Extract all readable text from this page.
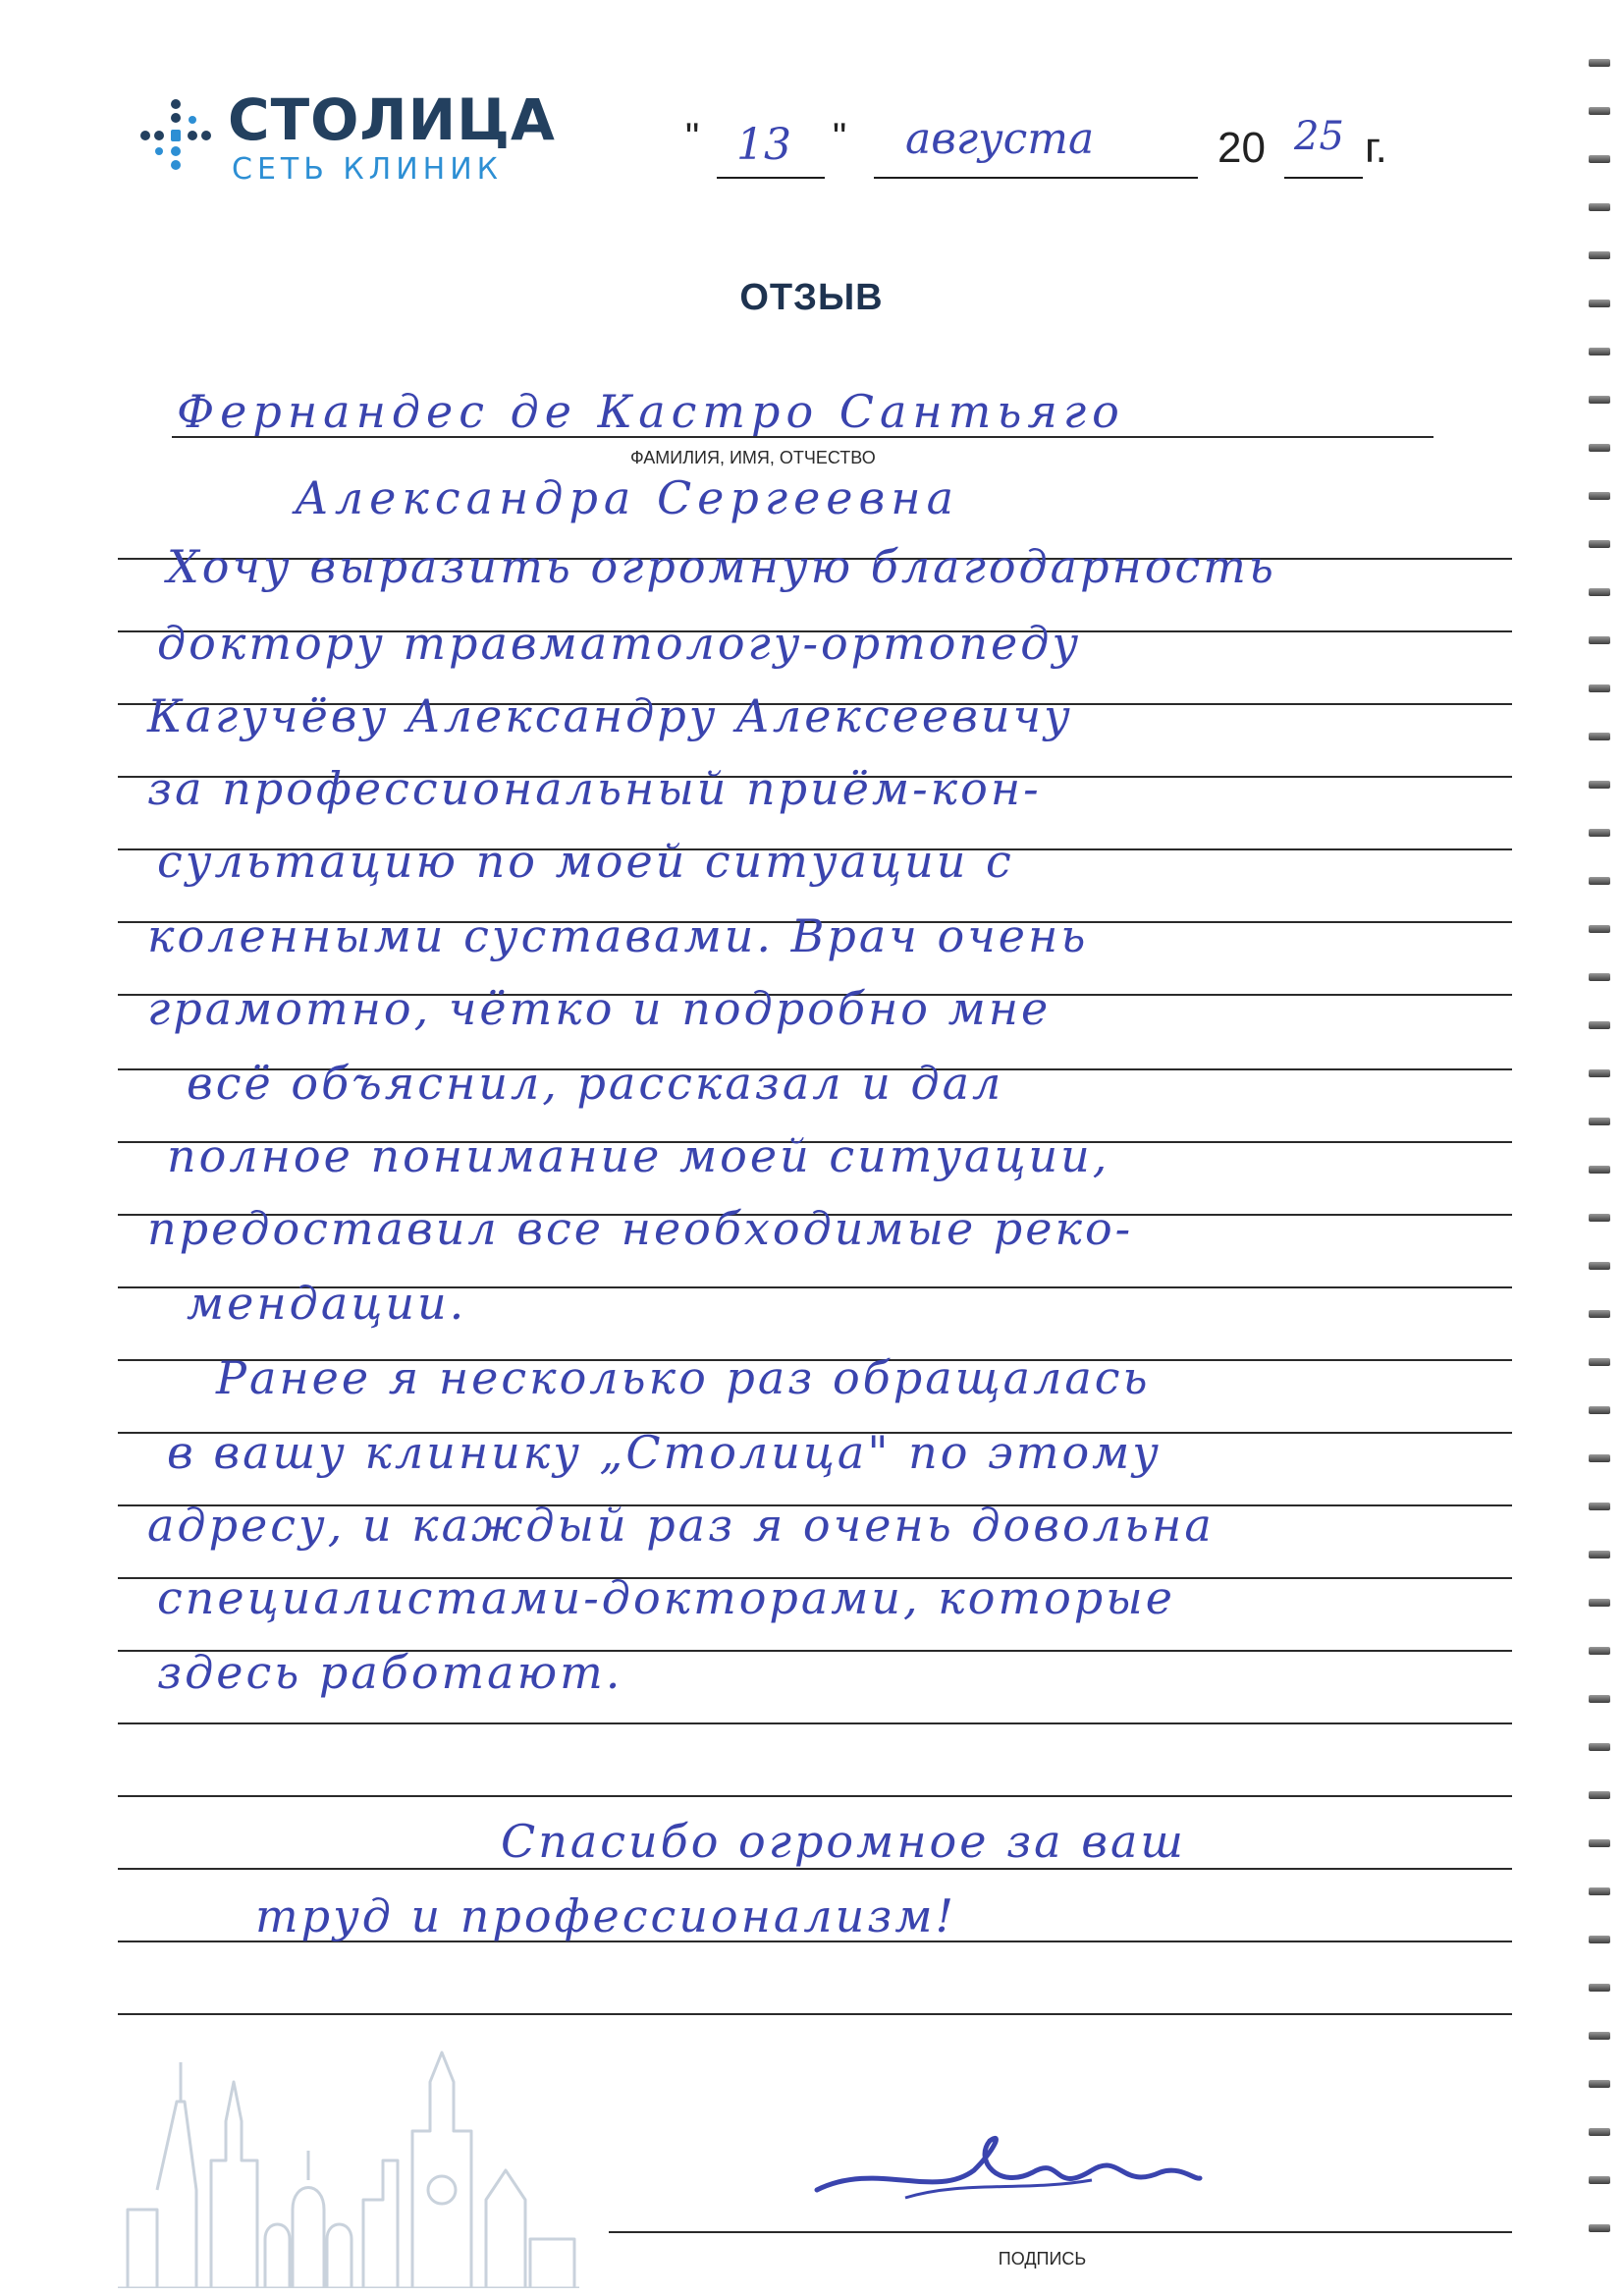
СТОЛИЦА
СЕТЬ КЛИНИК
" 13 " августа	20 25 г.
ОТЗЫВ
Фернандес де Кастро Сантьяго
ФАМИЛИЯ, ИМЯ, ОТЧЕСТВО
Александра Сергеевна
Хочу выразить огромную благодарность
доктору травматологу-ортопеду
Кагучёву Александру Алексеевичу
за профессиональный приём-кон-
сультацию по моей ситуации с
коленными суставами. Врач очень
грамотно, чётко и подробно мне
всё объяснил, рассказал и дал
полное понимание моей ситуации,
предоставил все необходимые реко-
мендации.
Ранее я несколько раз обращалась
в вашу клинику „Столица" по этому
адресу, и каждый раз я очень довольна
специалистами-докторами, которые
здесь работают.
Спасибо огромное за ваш
труд и профессионализм!
ПОДПИСЬ
